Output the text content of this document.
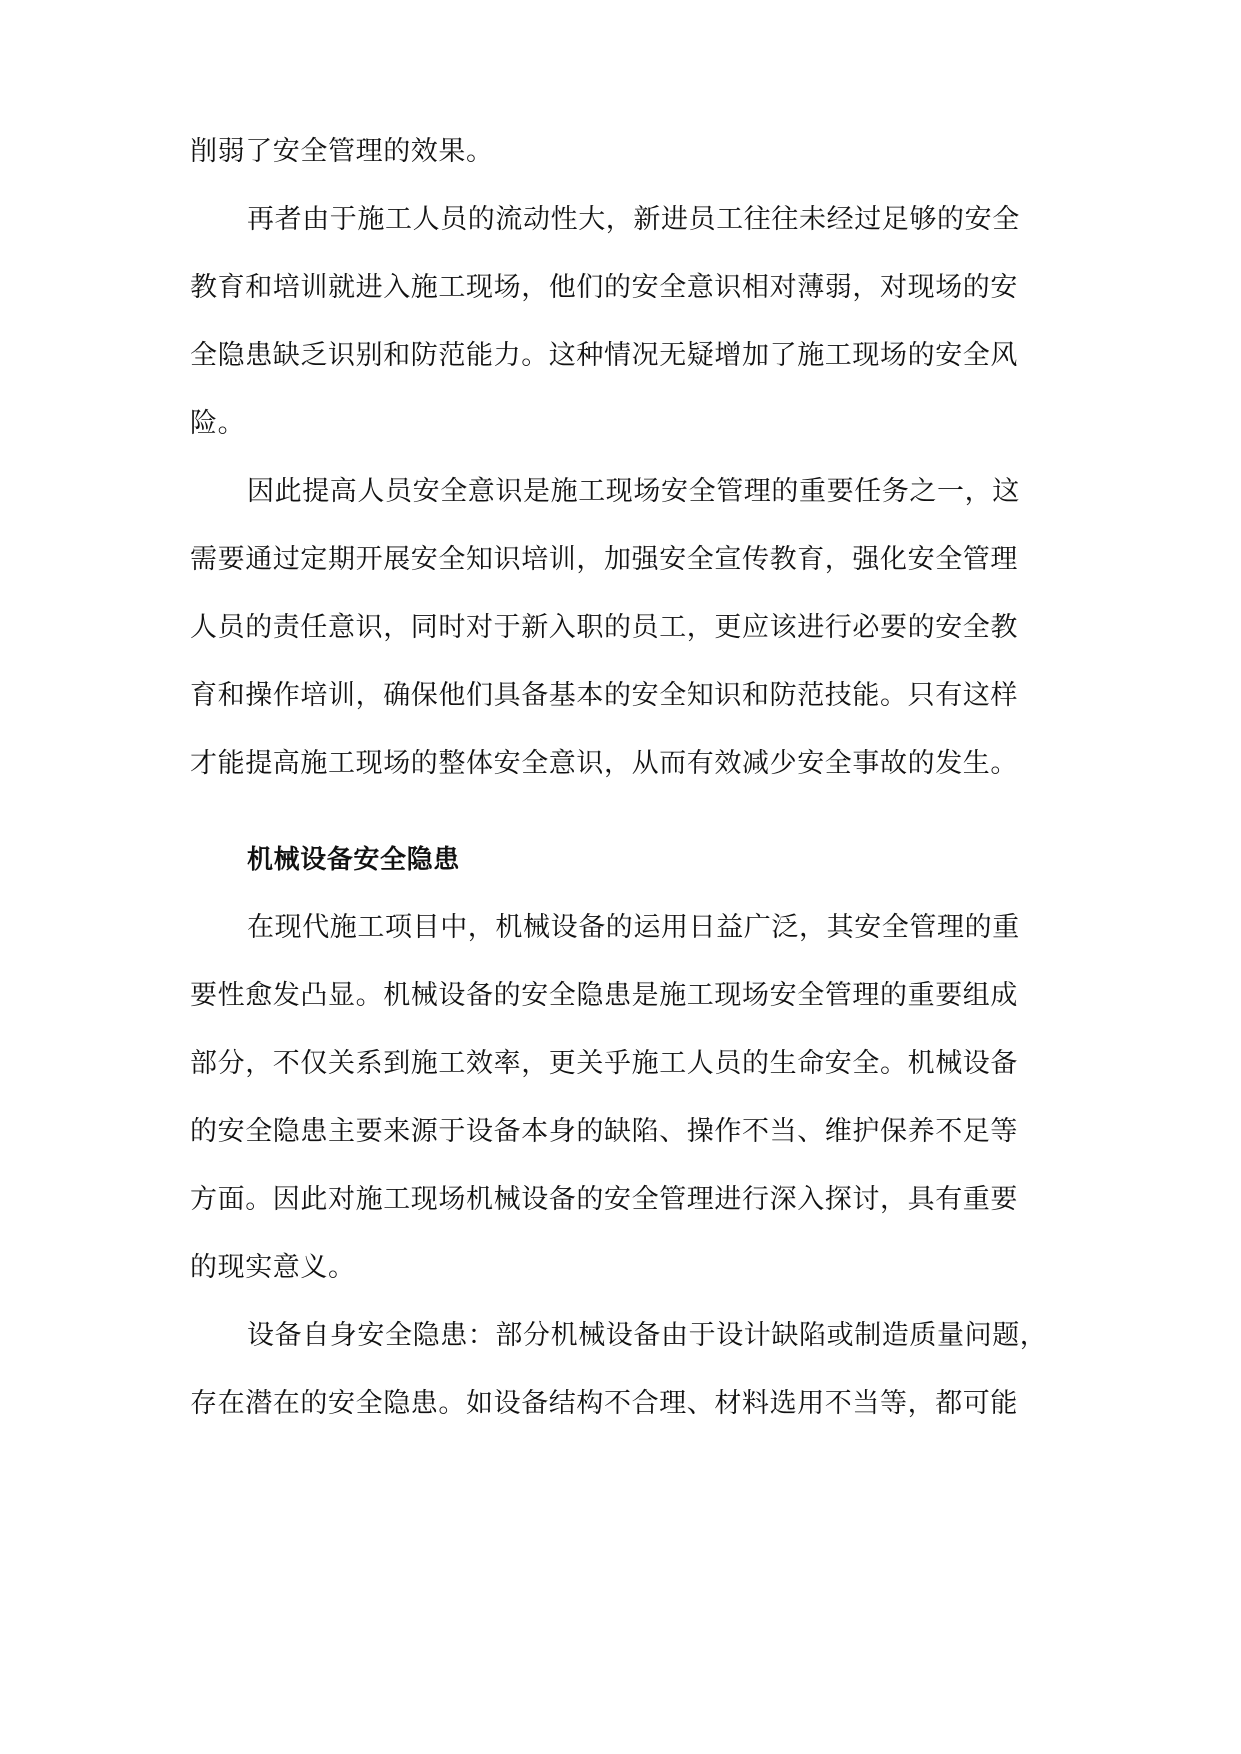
削弱了安全管理的效果。
再者由于施工人员的流动性大，新进员工往往未经过足够的安全
教育和培训就进入施工现场，他们的安全意识相对薄弱，对现场的安
全隐患缺乏识别和防范能力。这种情况无疑增加了施工现场的安全风
险。
因此提高人员安全意识是施工现场安全管理的重要任务之一，这
需要通过定期开展安全知识培训，加强安全宣传教育，强化安全管理
人员的责任意识，同时对于新入职的员工，更应该进行必要的安全教
育和操作培训，确保他们具备基本的安全知识和防范技能。只有这样
才能提高施工现场的整体安全意识，从而有效减少安全事故的发生。
机械设备安全隐患
在现代施工项目中，机械设备的运用日益广泛，其安全管理的重
要性愈发凸显。机械设备的安全隐患是施工现场安全管理的重要组成
部分，不仅关系到施工效率，更关乎施工人员的生命安全。机械设备
的安全隐患主要来源于设备本身的缺陷、操作不当、维护保养不足等
方面。因此对施工现场机械设备的安全管理进行深入探讨，具有重要
的现实意义。
设备自身安全隐患：部分机械设备由于设计缺陷或制造质量问题，
存在潜在的安全隐患。如设备结构不合理、材料选用不当等，都可能
